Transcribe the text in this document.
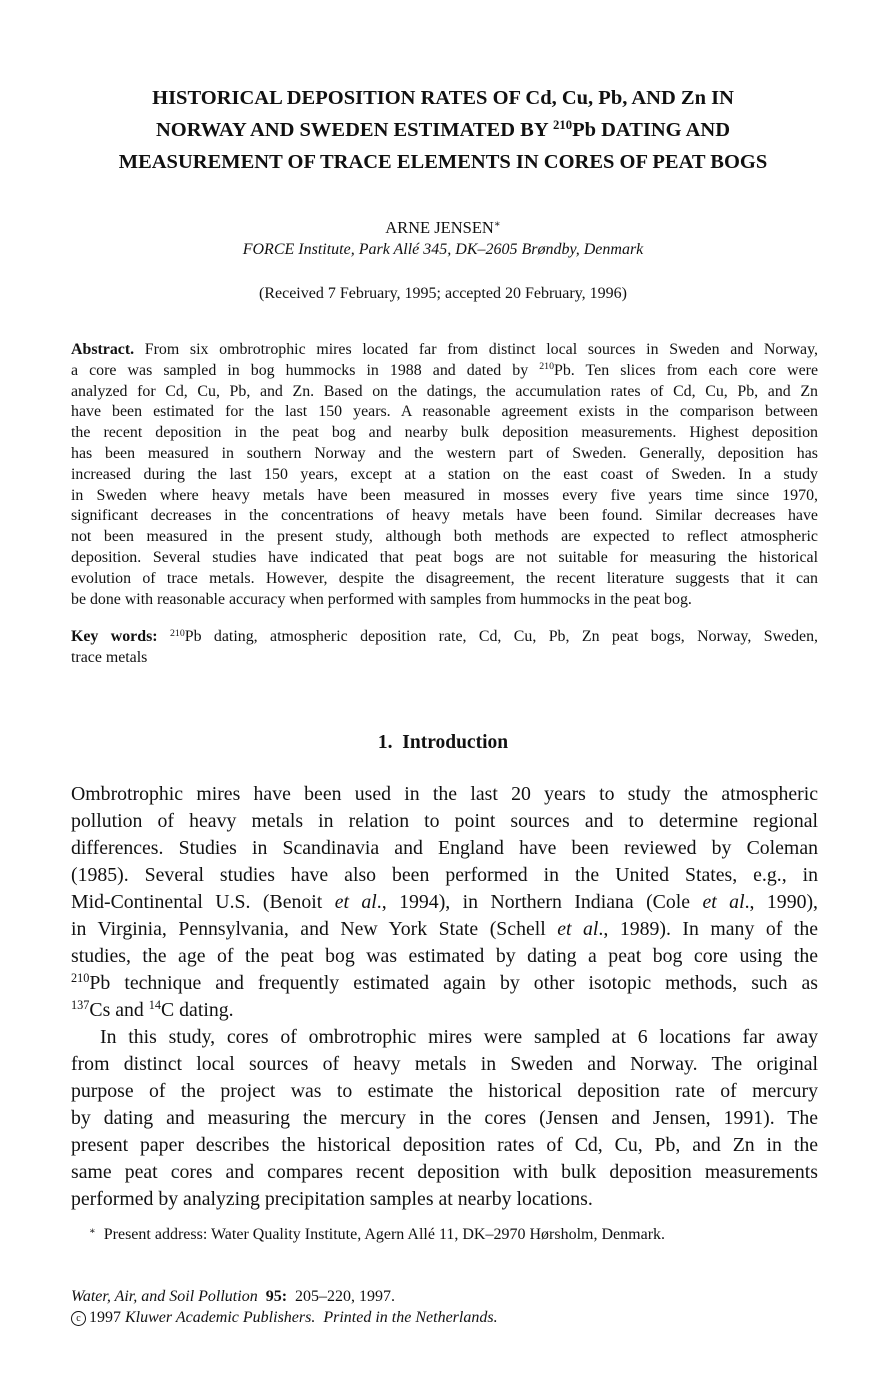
HISTORICAL DEPOSITION RATES OF Cd, Cu, Pb, AND Zn IN
NORWAY AND SWEDEN ESTIMATED BY $^{210}$Pb DATING AND
MEASUREMENT OF TRACE ELEMENTS IN CORES OF PEAT BOGS
ARNE JENSEN∗
FORCE Institute, Park Allé 345, DK–2605 Brøndby, Denmark
(Received 7 February, 1995; accepted 20 February, 1996)
Abstract. From six ombrotrophic mires located far from distinct local sources in Sweden and Norway,
a core was sampled in bog hummocks in 1988 and dated by $^{210}$Pb. Ten slices from each core were
analyzed for Cd, Cu, Pb, and Zn. Based on the datings, the accumulation rates of Cd, Cu, Pb, and Zn
have been estimated for the last 150 years. A reasonable agreement exists in the comparison between
the recent deposition in the peat bog and nearby bulk deposition measurements. Highest deposition
has been measured in southern Norway and the western part of Sweden. Generally, deposition has
increased during the last 150 years, except at a station on the east coast of Sweden. In a study
in Sweden where heavy metals have been measured in mosses every five years time since 1970,
significant decreases in the concentrations of heavy metals have been found. Similar decreases have
not been measured in the present study, although both methods are expected to reflect atmospheric
deposition. Several studies have indicated that peat bogs are not suitable for measuring the historical
evolution of trace metals. However, despite the disagreement, the recent literature suggests that it can
be done with reasonable accuracy when performed with samples from hummocks in the peat bog.
Key words: $^{210}$Pb dating, atmospheric deposition rate, Cd, Cu, Pb, Zn peat bogs, Norway, Sweden,
trace metals
1. Introduction
Ombrotrophic mires have been used in the last 20 years to study the atmospheric
pollution of heavy metals in relation to point sources and to determine regional
differences. Studies in Scandinavia and England have been reviewed by Coleman
(1985). Several studies have also been performed in the United States, e.g., in
Mid-Continental U.S. (Benoit et al., 1994), in Northern Indiana (Cole et al., 1990),
in Virginia, Pennsylvania, and New York State (Schell et al., 1989). In many of the
studies, the age of the peat bog was estimated by dating a peat bog core using the
$^{210}$Pb technique and frequently estimated again by other isotopic methods, such as
$^{137}$Cs and $^{14}$C dating.
In this study, cores of ombrotrophic mires were sampled at 6 locations far away
from distinct local sources of heavy metals in Sweden and Norway. The original
purpose of the project was to estimate the historical deposition rate of mercury
by dating and measuring the mercury in the cores (Jensen and Jensen, 1991). The
present paper describes the historical deposition rates of Cd, Cu, Pb, and Zn in the
same peat cores and compares recent deposition with bulk deposition measurements
performed by analyzing precipitation samples at nearby locations.
∗ Present address: Water Quality Institute, Agern Allé 11, DK–2970 Hørsholm, Denmark.
Water, Air, and Soil Pollution 95: 205–220, 1997.
c 1997 Kluwer Academic Publishers. Printed in the Netherlands.
